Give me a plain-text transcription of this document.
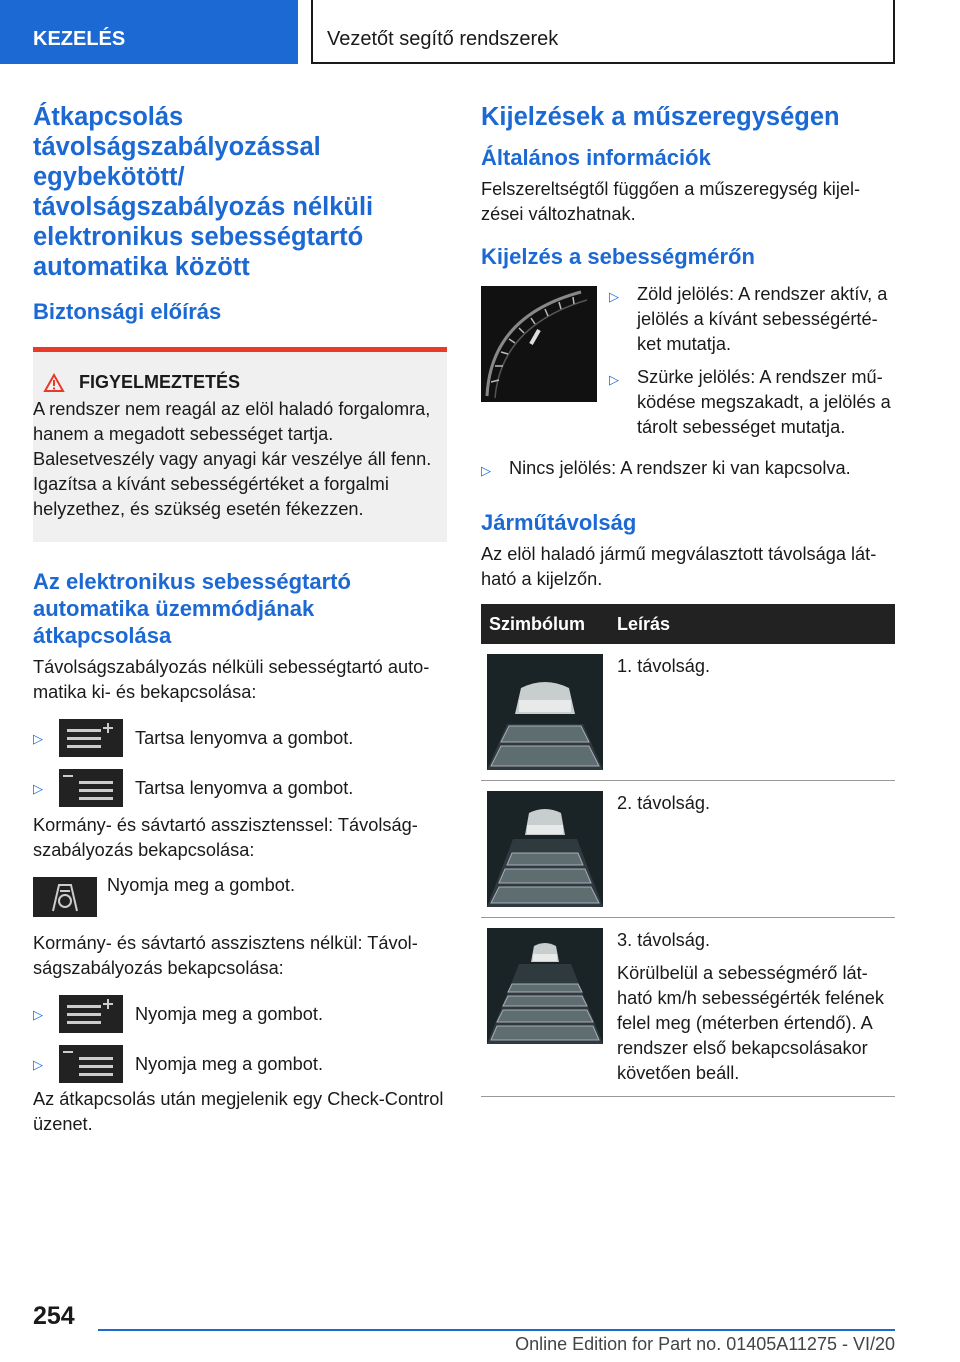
KEZELÉS	Vezetőt segítő rendszerek
Átkapcsolás távolságszabályozással egybekötött/ távolságszabályozás nélküli elektronikus sebességtartó automatika között
Biztonsági előírás
FIGYELMEZTETÉS
A rendszer nem reagál az elöl haladó forgalomra, hanem a megadott sebességet tartja. Balesetveszély vagy anyagi kár veszélye áll fenn. Igazítsa a kívánt sebességértéket a forgalmi helyzethez, és szükség esetén fékezzen.
Az elektronikus sebességtartó automatika üzemmódjának átkapcsolása

Távolságszabályozás nélküli sebességtartó automatika ki- és bekapcsolása:

▷	Tartsa lenyomva a gombot.
▷	Tartsa lenyomva a gombot.

Kormány- és sávtartó asszisztenssel: Távolságszabályozás bekapcsolása:

Nyomja meg a gombot.

Kormány- és sávtartó asszisztens nélkül: Távolságszabályozás bekapcsolása:

▷	Nyomja meg a gombot.
▷	Nyomja meg a gombot.

Az átkapcsolás után megjelenik egy Check-Control üzenet.

Kijelzések a műszeregységen
Általános információk

Felszereltségtől függően a műszeregység kijelzései változhatnak.

Kijelzés a sebességmérőn
▷ Zöld jelölés: A rendszer aktív, a jelölés a kívánt sebességértéket mutatja.
▷ Szürke jelölés: A rendszer működése megszakadt, a jelölés a tárolt sebességet mutatja.
▷ Nincs jelölés: A rendszer ki van kapcsolva.
Járműtávolság

Az elöl haladó jármű megválasztott távolsága látható a kijelzőn.

Szimbólum	Leírás

	1. távolság.

	2. távolság.

3. távolság.
Körülbelül a sebességmérő látható km/h sebességérték felének felel meg (méterben értendő). A rendszer első bekapcsolásakor követően beáll.
254
Online Edition for Part no. 01405A11275 - VI/20
